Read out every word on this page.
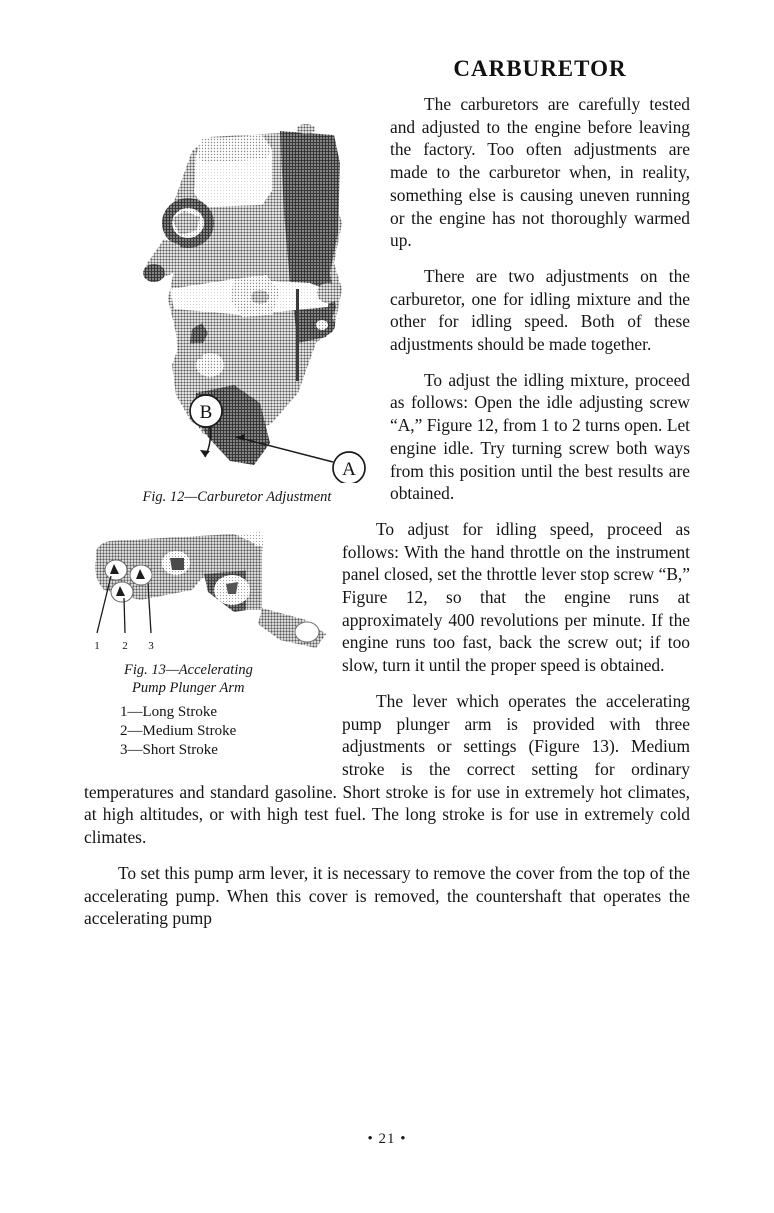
CARBURETOR
B
A
Fig. 12—Carburetor Adjustment

The carburetors are carefully tested and adjusted to the engine before leaving the factory. Too often adjustments are made to the carburetor when, in reality, something else is causing uneven running or the engine has not thoroughly warmed up.

There are two adjustments on the carburetor, one for idling mixture and the other for idling speed. Both of these adjustments should be made together.

To adjust the idling mixture, proceed as follows: Open the idle adjusting screw “A,” Figure 12, from 1 to 2 turns open. Let engine idle. Try turning screw both ways from this position until the best results are obtained.

1 2 3
Fig. 13—Accelerating
Pump Plunger Arm
1—Long Stroke
2—Medium Stroke
3—Short Stroke

To adjust for idling speed, proceed as follows: With the hand throttle on the instrument panel closed, set the throttle lever stop screw “B,” Figure 12, so that the engine runs at approximately 400 revolutions per minute. If the engine runs too fast, back the screw out; if too slow, turn it until the proper speed is obtained.

The lever which operates the accelerating pump plunger arm is provided with three adjustments or settings (Figure 13). Medium stroke is the correct setting for ordinary temperatures and standard gasoline. Short stroke is for use in extremely hot climates, at high altitudes, or with high test fuel. The long stroke is for use in extremely cold climates.

To set this pump arm lever, it is necessary to remove the cover from the top of the accelerating pump. When this cover is removed, the countershaft that operates the accelerating pump

• 21 •
